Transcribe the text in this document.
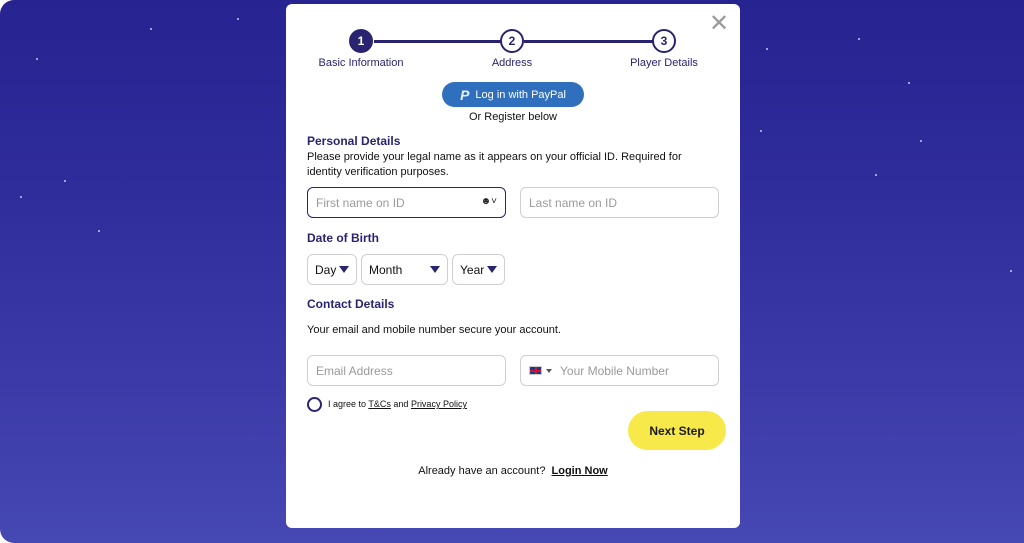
✕
1	2	3
Basic Information	Address	Player Details
P Log in with PayPal
Or Register below
Personal Details
Please provide your legal name as it appears on your official ID. Required for identity verification purposes.
First name on ID	☻˅	Last name on ID
Date of Birth
Day	Month	Year
Contact Details
Your email and mobile number secure your account.
Email Address	Your Mobile Number
I agree to T&Cs and Privacy Policy
Next Step
Already have an account? Login Now
